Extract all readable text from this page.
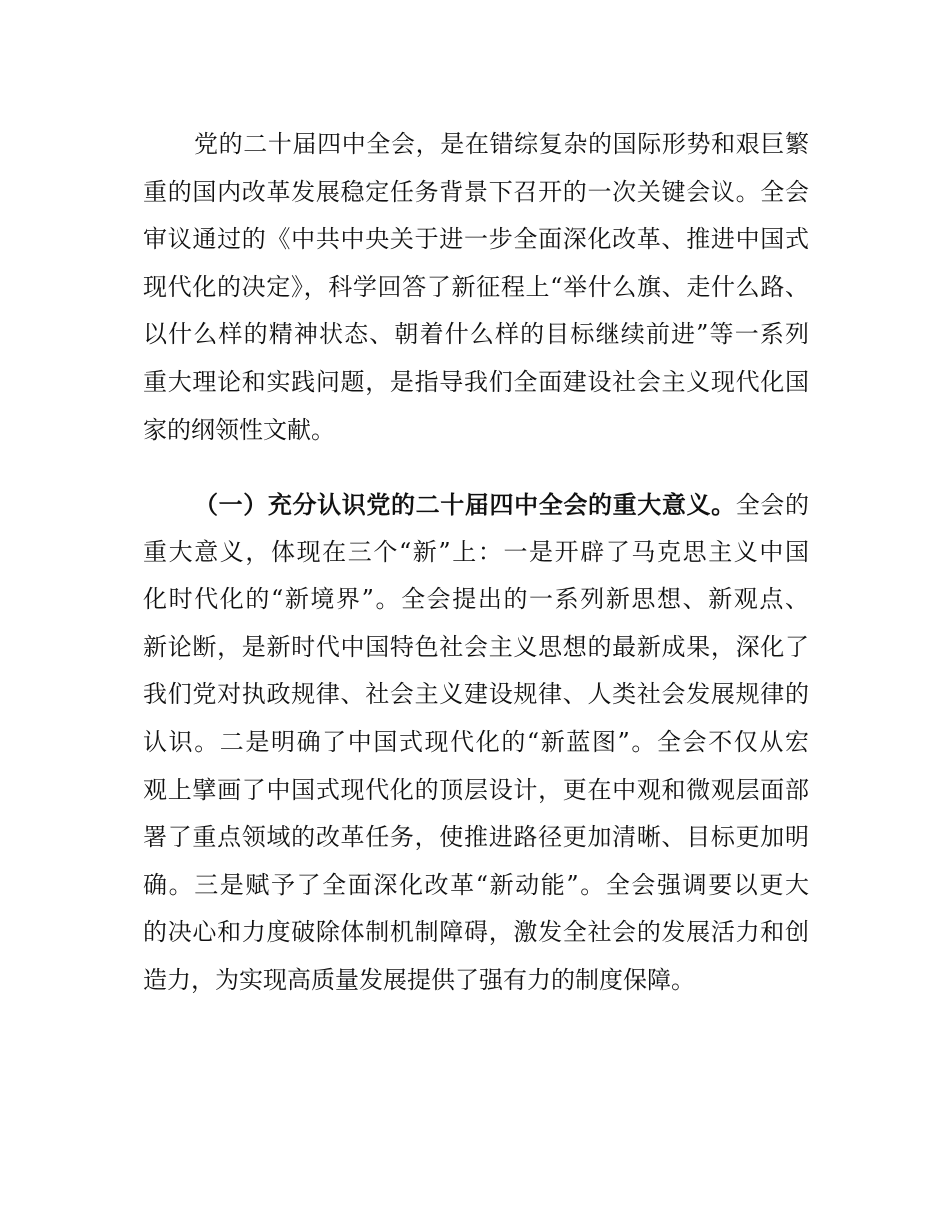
党的二十届四中全会，是在错综复杂的国际形势和艰巨繁
重的国内改革发展稳定任务背景下召开的一次关键会议。全会
审议通过的《中共中央关于进一步全面深化改革、推进中国式
现代化的决定》，科学回答了新征程上“举什么旗、走什么路、
以什么样的精神状态、朝着什么样的目标继续前进”等一系列
重大理论和实践问题，是指导我们全面建设社会主义现代化国
家的纲领性文献。
（一）充分认识党的二十届四中全会的重大意义。全会的
重大意义，体现在三个“新”上：一是开辟了马克思主义中国
化时代化的“新境界”。全会提出的一系列新思想、新观点、
新论断，是新时代中国特色社会主义思想的最新成果，深化了
我们党对执政规律、社会主义建设规律、人类社会发展规律的
认识。二是明确了中国式现代化的“新蓝图”。全会不仅从宏
观上擘画了中国式现代化的顶层设计，更在中观和微观层面部
署了重点领域的改革任务，使推进路径更加清晰、目标更加明
确。三是赋予了全面深化改革“新动能”。全会强调要以更大
的决心和力度破除体制机制障碍，激发全社会的发展活力和创
造力，为实现高质量发展提供了强有力的制度保障。
